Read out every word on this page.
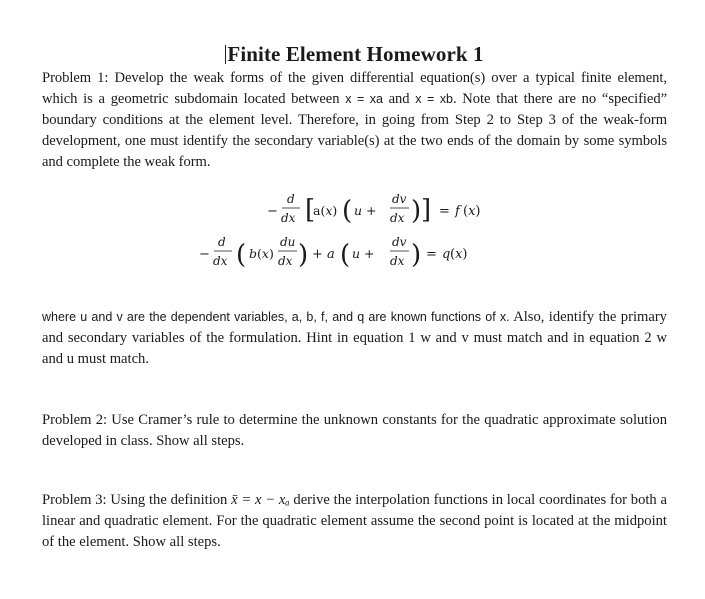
Finite Element Homework 1
Problem 1: Develop the weak forms of the given differential equation(s) over a typical finite element, which is a geometric subdomain located between x = xa and x = xb. Note that there are no “specified” boundary conditions at the element level. Therefore, in going from Step 2 to Step 3 of the weak-form development, one must identify the secondary variable(s) at the two ends of the domain by some symbols and complete the weak form.
−
d
dx [
a(x) ( u +
dv
dx ) ] = f (x)
−
d
dx ( b(x)
du
dx ) + a ( u +
dv
dx ) = q (x)
where u and v are the dependent variables, a, b, f, and q are known functions of x. Also, identify the primary and secondary variables of the formulation. Hint in equation 1 w and v must match and in equation 2 w and u must match.
Problem 2: Use Cramer’s rule to determine the unknown constants for the quadratic approximate solution developed in class. Show all steps.
Problem 3: Using the definition x̄ = x − xₐ derive the interpolation functions in local coordinates for both a linear and quadratic element. For the quadratic element assume the second point is located at the midpoint of the element. Show all steps.
